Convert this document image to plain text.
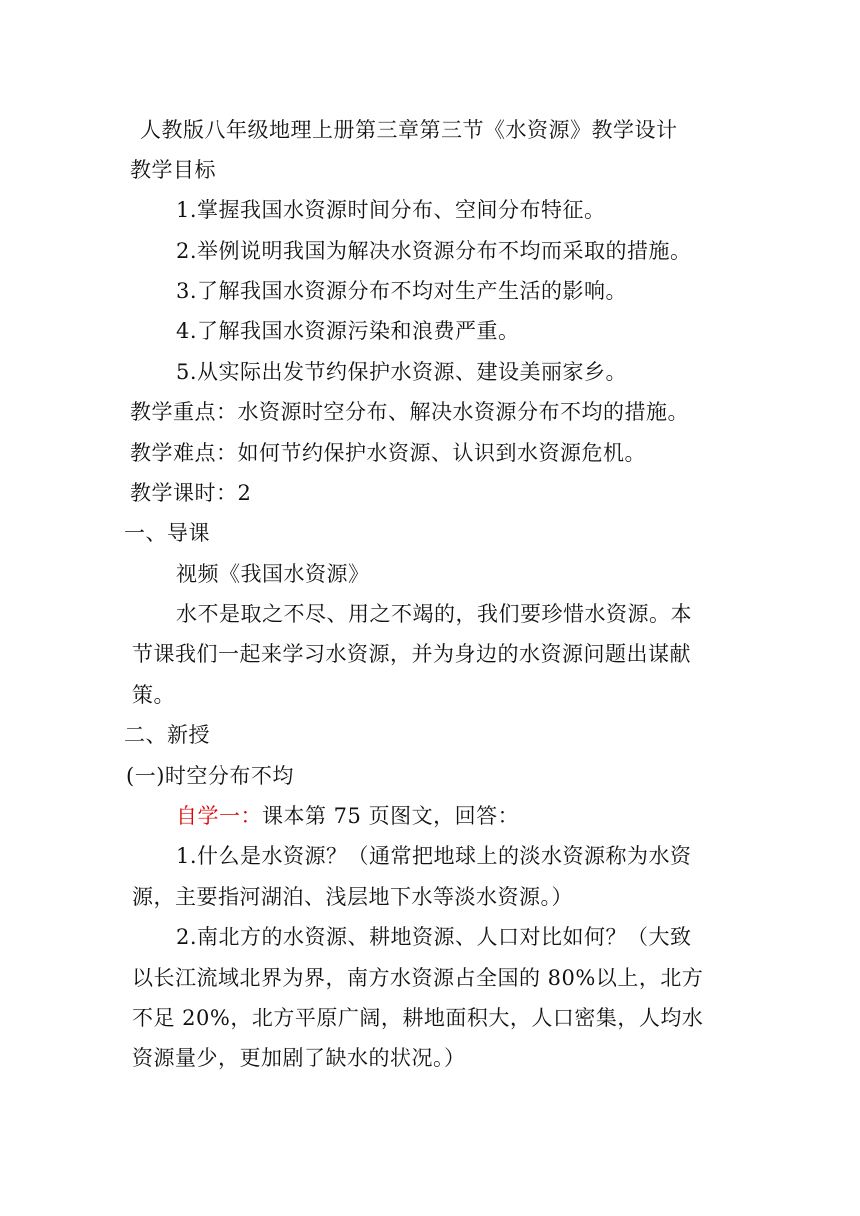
人教版八年级地理上册第三章第三节《水资源》教学设计
教学目标
1.掌握我国水资源时间分布、空间分布特征。
2.举例说明我国为解决水资源分布不均而采取的措施。
3.了解我国水资源分布不均对生产生活的影响。
4.了解我国水资源污染和浪费严重。
5.从实际出发节约保护水资源、建设美丽家乡。
教学重点：水资源时空分布、解决水资源分布不均的措施。
教学难点：如何节约保护水资源、认识到水资源危机。
教学课时：2
一、导课
视频《我国水资源》
水不是取之不尽、用之不竭的，我们要珍惜水资源。本
节课我们一起来学习水资源，并为身边的水资源问题出谋献
策。
二、新授
(一)时空分布不均
自学一：课本第 75 页图文，回答：
1.什么是水资源？（通常把地球上的淡水资源称为水资
源，主要指河湖泊、浅层地下水等淡水资源。）
2.南北方的水资源、耕地资源、人口对比如何？（大致
以长江流域北界为界，南方水资源占全国的 80%以上，北方
不足 20%，北方平原广阔，耕地面积大，人口密集，人均水
资源量少，更加剧了缺水的状况。）
